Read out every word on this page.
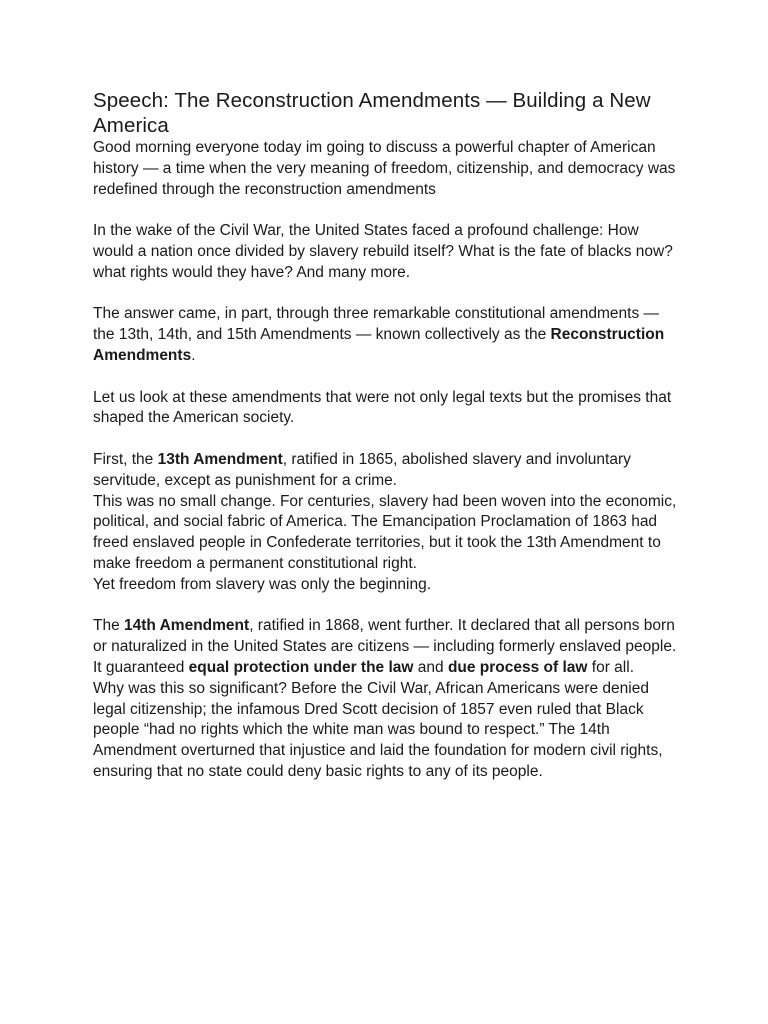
Speech: The Reconstruction Amendments — Building a New America

Good morning everyone today im going to discuss a powerful chapter of American history — a time when the very meaning of freedom, citizenship, and democracy was redefined through the reconstruction amendments

In the wake of the Civil War, the United States faced a profound challenge: How would a nation once divided by slavery rebuild itself? What is the fate of blacks now? what rights would they have? And many more.

The answer came, in part, through three remarkable constitutional amendments — the 13th, 14th, and 15th Amendments — known collectively as the Reconstruction Amendments.

Let us look at these amendments that were not only legal texts but the promises that shaped the American society.

First, the 13th Amendment, ratified in 1865, abolished slavery and involuntary servitude, except as punishment for a crime.
This was no small change. For centuries, slavery had been woven into the economic, political, and social fabric of America. The Emancipation Proclamation of 1863 had freed enslaved people in Confederate territories, but it took the 13th Amendment to make freedom a permanent constitutional right.
Yet freedom from slavery was only the beginning.

The 14th Amendment, ratified in 1868, went further. It declared that all persons born or naturalized in the United States are citizens — including formerly enslaved people. It guaranteed equal protection under the law and due process of law for all.
Why was this so significant? Before the Civil War, African Americans were denied legal citizenship; the infamous Dred Scott decision of 1857 even ruled that Black people “had no rights which the white man was bound to respect.” The 14th Amendment overturned that injustice and laid the foundation for modern civil rights, ensuring that no state could deny basic rights to any of its people.
